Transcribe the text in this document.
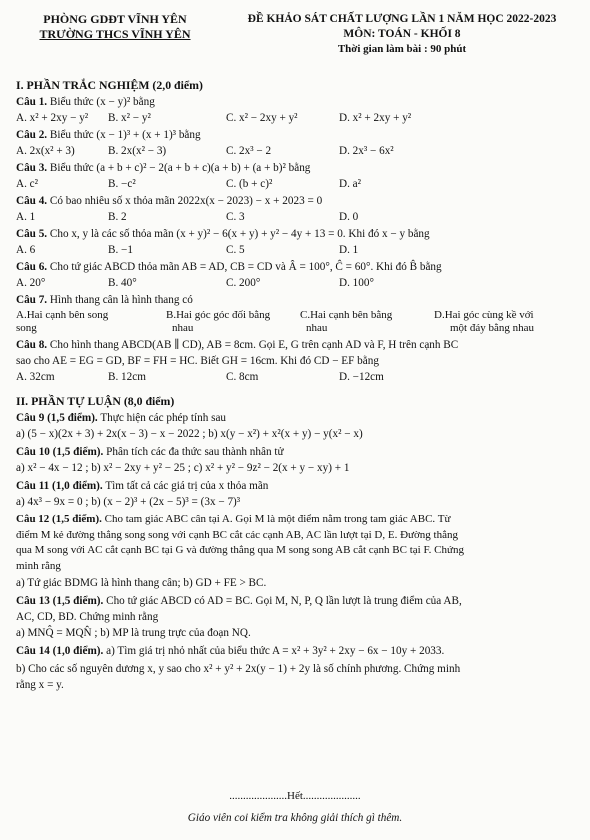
PHÒNG GDĐT VĨNH YÊN
TRƯỜNG THCS VĨNH YÊN
ĐỀ KHẢO SÁT CHẤT LƯỢNG LẦN 1 NĂM HỌC 2022-2023
MÔN: TOÁN - KHỐI 8
Thời gian làm bài : 90 phút
I. PHẦN TRẮC NGHIỆM (2,0 điểm)
Câu 1. Biểu thức (x − y)² bằng
A. x² + 2xy − y²	B. x² − y²	C. x² − 2xy + y²	D. x² + 2xy + y²
Câu 2. Biểu thức (x − 1)³ + (x + 1)³ bằng
A. 2x(x² + 3)	B. 2x(x² − 3)	C. 2x³ − 2	D. 2x³ − 6x²
Câu 3. Biểu thức (a + b + c)² − 2(a + b + c)(a + b) + (a + b)² bằng
A. c²	B. −c²	C. (b + c)²	D. a²
Câu 4. Có bao nhiêu số x thỏa mãn 2022x(x − 2023) − x + 2023 = 0
A. 1	B. 2	C. 3	D. 0
Câu 5. Cho x, y là các số thỏa mãn (x + y)² − 6(x + y) + y² − 4y + 13 = 0. Khi đó x − y bằng
A. 6	B. −1	C. 5	D. 1
Câu 6. Cho tứ giác ABCD thỏa mãn AB = AD, CB = CD và Â = 100°, Ĉ = 60°. Khi đó B̂ bằng
A. 20°	B. 40°	C. 200°	D. 100°
Câu 7. Hình thang cân là hình thang có
A.Hai cạnh bên song
song
B.Hai góc góc đối bằng
nhau
C.Hai cạnh bên bằng
nhau
D.Hai góc cùng kề với
một đáy bằng nhau
Câu 8. Cho hình thang ABCD(AB ∥ CD), AB = 8cm. Gọi E, G trên cạnh AD và F, H trên cạnh BC
sao cho AE = EG = GD, BF = FH = HC. Biết GH = 16cm. Khi đó CD − EF bằng
A. 32cm	B. 12cm	C. 8cm	D. −12cm
II. PHẦN TỰ LUẬN (8,0 điểm)
Câu 9 (1,5 điểm). Thực hiện các phép tính sau
a) (5 − x)(2x + 3) + 2x(x − 3) − x − 2022 ; b) x(y − x²) + x²(x + y) − y(x² − x)
Câu 10 (1,5 điểm). Phân tích các đa thức sau thành nhân tử
a) x² − 4x − 12 ; b) x² − 2xy + y² − 25 ; c) x² + y² − 9z² − 2(x + y − xy) + 1
Câu 11 (1,0 điểm). Tìm tất cả các giá trị của x thỏa mãn
a) 4x³ − 9x = 0 ; b) (x − 2)³ + (2x − 5)³ = (3x − 7)³
Câu 12 (1,5 điểm). Cho tam giác ABC cân tại A. Gọi M là một điểm nằm trong tam giác ABC. Từ
điểm M kẻ đường thẳng song song với cạnh BC cắt các cạnh AB, AC lần lượt tại D, E. Đường thẳng
qua M song với AC cắt cạnh BC tại G và đường thẳng qua M song song AB cắt cạnh BC tại F. Chứng
minh rằng
a) Tứ giác BDMG là hình thang cân; b) GD + FE > BC.
Câu 13 (1,5 điểm). Cho tứ giác ABCD có AD = BC. Gọi M, N, P, Q lần lượt là trung điểm của AB,
AC, CD, BD. Chứng minh rằng
a) MNQ̂ = MQN̂ ; b) MP là trung trực của đoạn NQ.
Câu 14 (1,0 điểm). a) Tìm giá trị nhỏ nhất của biểu thức A = x² + 3y² + 2xy − 6x − 10y + 2033.
b) Cho các số nguyên dương x, y sao cho x² + y² + 2x(y − 1) + 2y là số chính phương. Chứng minh
rằng x = y.
.....................Hết.....................
Giáo viên coi kiểm tra không giải thích gì thêm.
